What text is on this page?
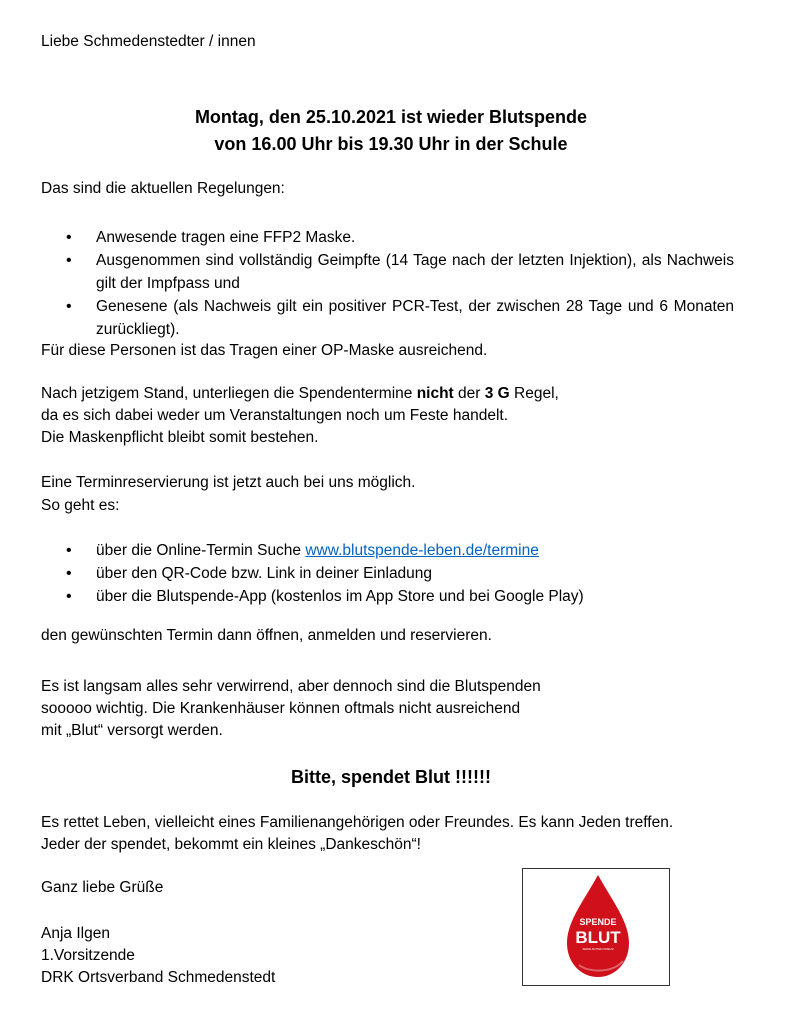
Liebe Schmedenstedter / innen
Montag, den 25.10.2021 ist wieder Blutspende
von 16.00 Uhr bis 19.30 Uhr in der Schule
Das sind die aktuellen Regelungen:
• Anwesende tragen eine FFP2 Maske.
• Ausgenommen sind vollständig Geimpfte (14 Tage nach der letzten Injektion), als Nachweis gilt der Impfpass und
• Genesene (als Nachweis gilt ein positiver PCR-Test, der zwischen 28 Tage und 6 Monaten zurückliegt).
Für diese Personen ist das Tragen einer OP-Maske ausreichend.
Nach jetzigem Stand, unterliegen die Spendentermine nicht der 3 G Regel,
da es sich dabei weder um Veranstaltungen noch um Feste handelt.
Die Maskenpflicht bleibt somit bestehen.
Eine Terminreservierung ist jetzt auch bei uns möglich.
So geht es:
• über die Online-Termin Suche www.blutspende-leben.de/termine
• über den QR-Code bzw. Link in deiner Einladung
• über die Blutspende-App (kostenlos im App Store und bei Google Play)
den gewünschten Termin dann öffnen, anmelden und reservieren.
Es ist langsam alles sehr verwirrend, aber dennoch sind die Blutspenden
sooooo wichtig. Die Krankenhäuser können oftmals nicht ausreichend
mit „Blut“ versorgt werden.
Bitte, spendet Blut !!!!!!
Es rettet Leben, vielleicht eines Familienangehörigen oder Freundes. Es kann Jeden treffen.
Jeder der spendet, bekommt ein kleines „Dankeschön“!
Ganz liebe Grüße
Anja Ilgen
1.Vorsitzende
DRK Ortsverband Schmedenstedt
SPENDE
BLUT
SEINE ROTEN KREUZ
